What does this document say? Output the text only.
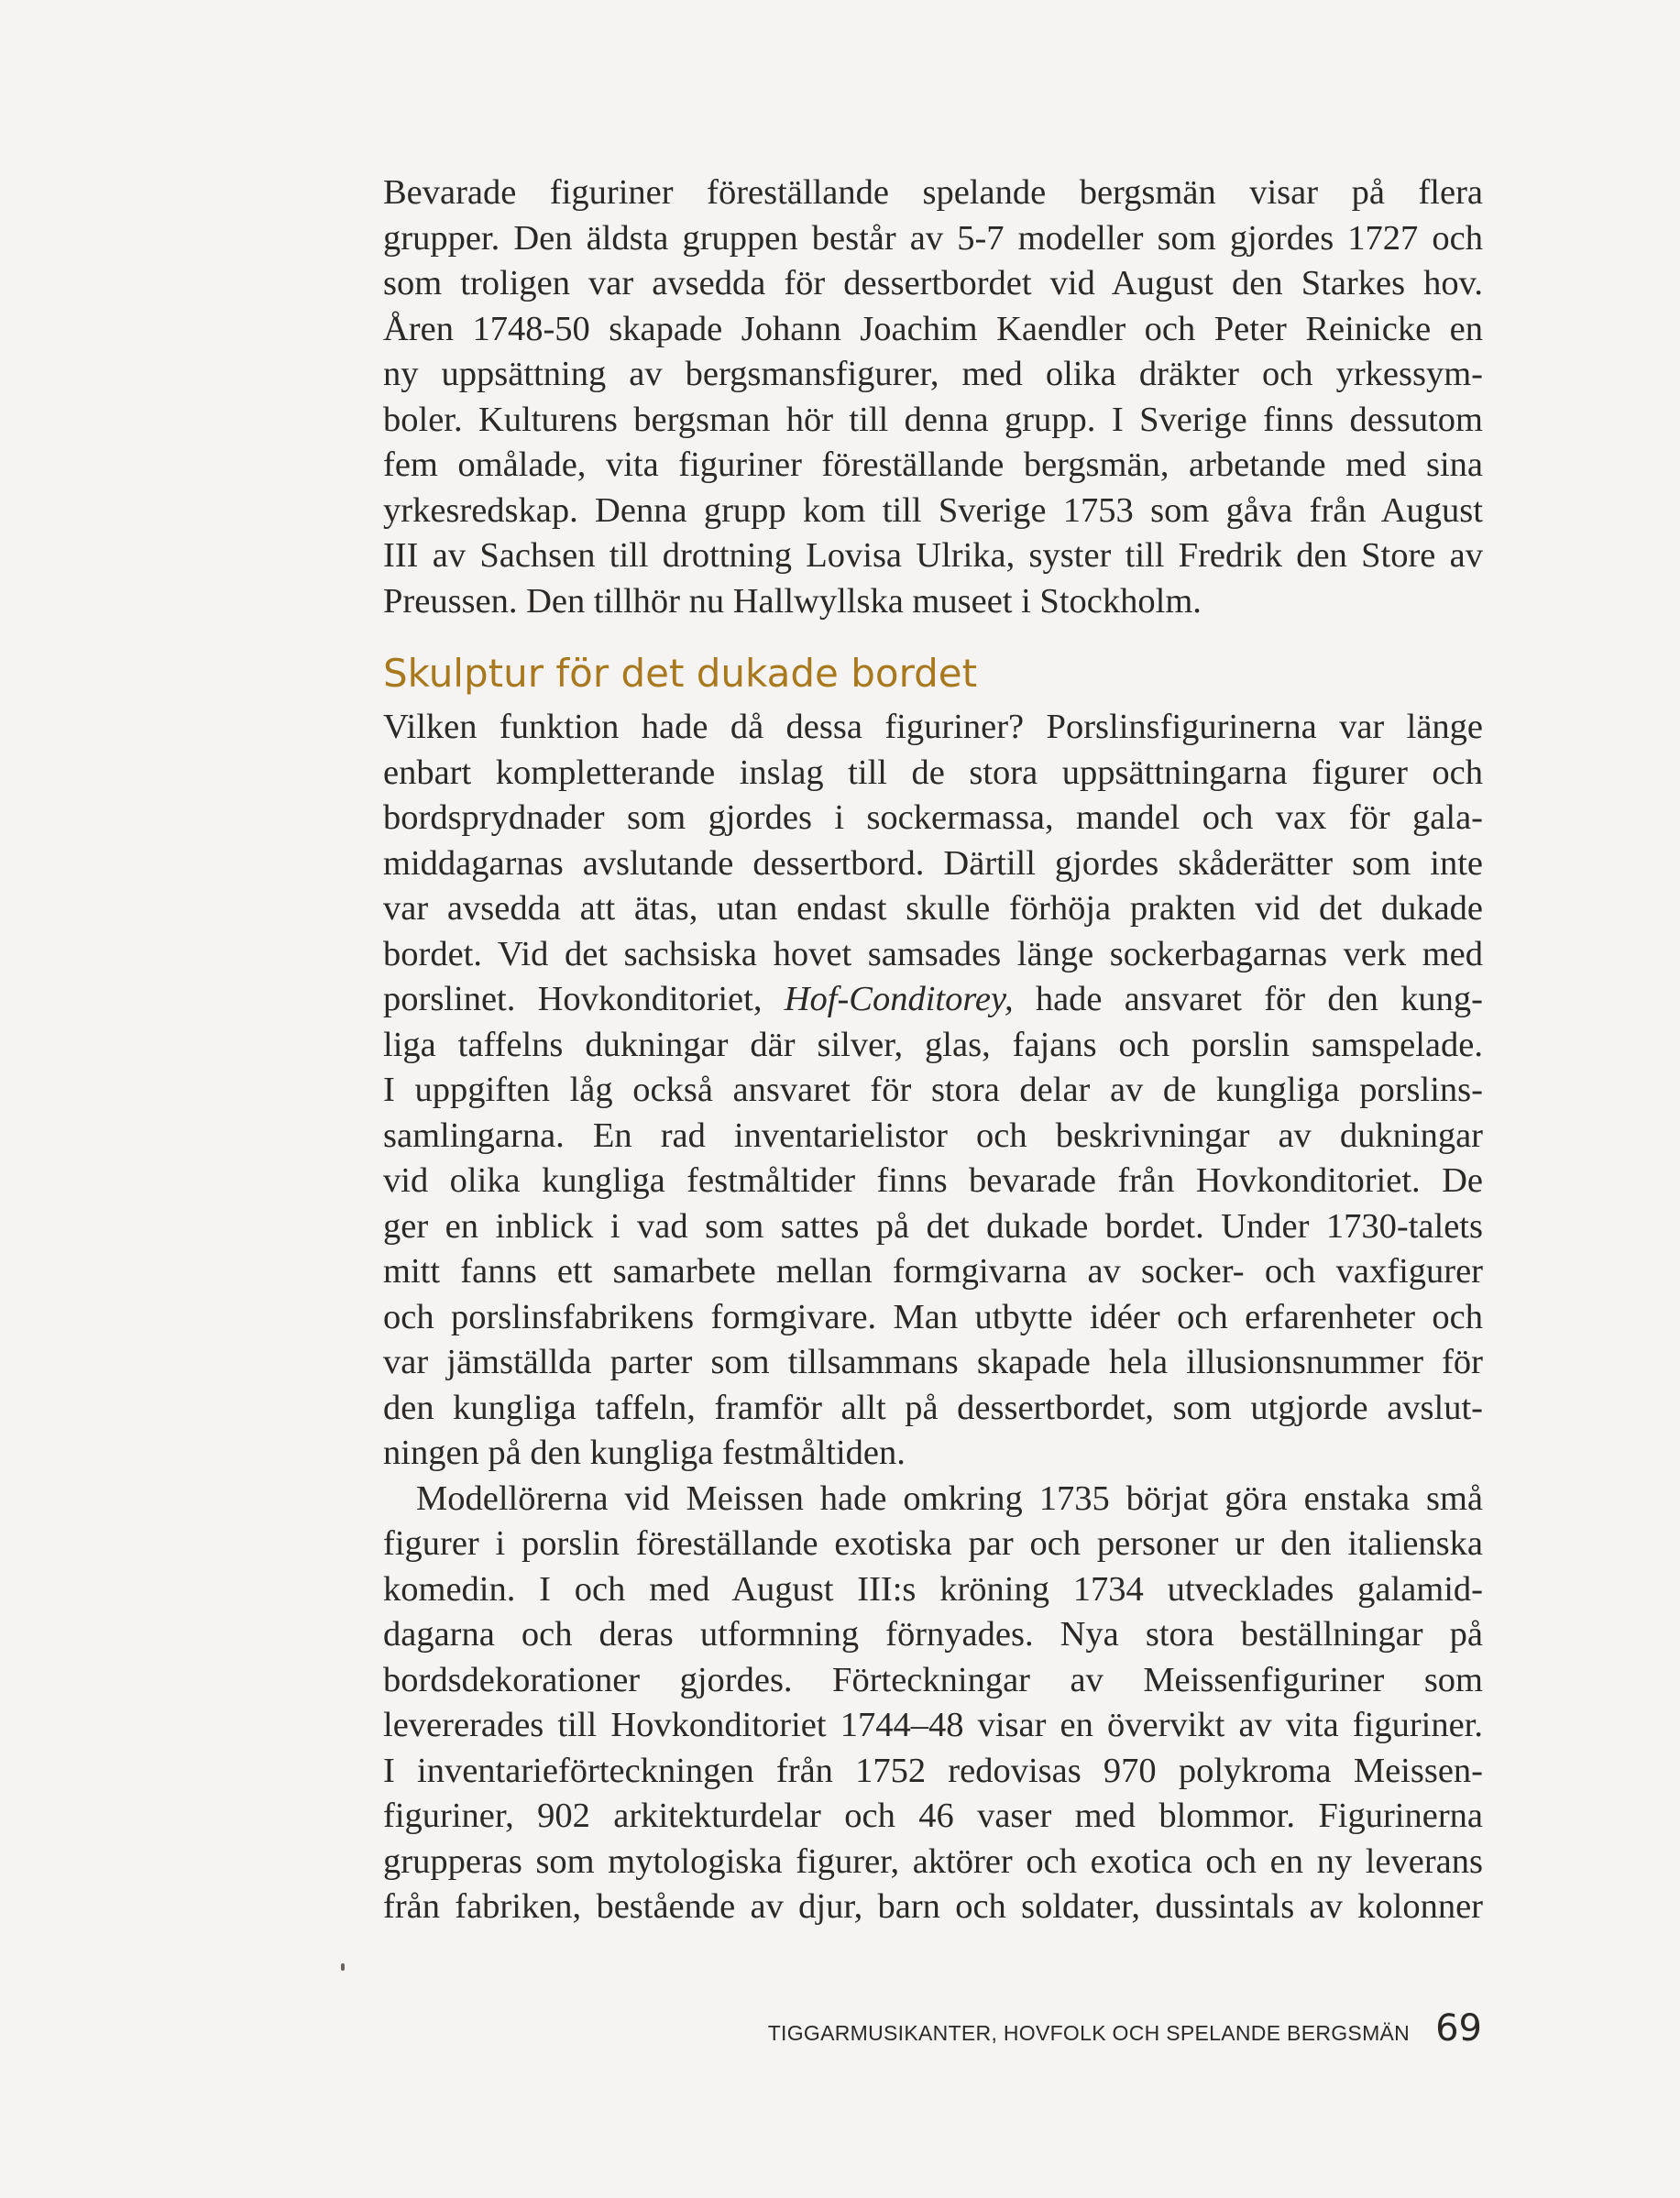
Bevarade figuriner föreställande spelande bergsmän visar på flera
grupper. Den äldsta gruppen består av 5-7 modeller som gjordes 1727 och
som troligen var avsedda för dessertbordet vid August den Starkes hov.
Åren 1748-50 skapade Johann Joachim Kaendler och Peter Reinicke en
ny uppsättning av bergsmansfigurer, med olika dräkter och yrkessym-
boler. Kulturens bergsman hör till denna grupp. I Sverige finns dessutom
fem omålade, vita figuriner föreställande bergsmän, arbetande med sina
yrkesredskap. Denna grupp kom till Sverige 1753 som gåva från August
III av Sachsen till drottning Lovisa Ulrika, syster till Fredrik den Store av
Preussen. Den tillhör nu Hallwyllska museet i Stockholm.
Skulptur för det dukade bordet
Vilken funktion hade då dessa figuriner? Porslinsfigurinerna var länge
enbart kompletterande inslag till de stora uppsättningarna figurer och
bordsprydnader som gjordes i sockermassa, mandel och vax för gala-
middagarnas avslutande dessertbord. Därtill gjordes skåderätter som inte
var avsedda att ätas, utan endast skulle förhöja prakten vid det dukade
bordet. Vid det sachsiska hovet samsades länge sockerbagarnas verk med
porslinet. Hovkonditoriet, Hof-Conditorey, hade ansvaret för den kung-
liga taffelns dukningar där silver, glas, fajans och porslin samspelade.
I uppgiften låg också ansvaret för stora delar av de kungliga porslins-
samlingarna. En rad inventarielistor och beskrivningar av dukningar
vid olika kungliga festmåltider finns bevarade från Hovkonditoriet. De
ger en inblick i vad som sattes på det dukade bordet. Under 1730-talets
mitt fanns ett samarbete mellan formgivarna av socker- och vaxfigurer
och porslinsfabrikens formgivare. Man utbytte idéer och erfarenheter och
var jämställda parter som tillsammans skapade hela illusionsnummer för
den kungliga taffeln, framför allt på dessertbordet, som utgjorde avslut-
ningen på den kungliga festmåltiden.
Modellörerna vid Meissen hade omkring 1735 börjat göra enstaka små
figurer i porslin föreställande exotiska par och personer ur den italienska
komedin. I och med August III:s kröning 1734 utvecklades galamid-
dagarna och deras utformning förnyades. Nya stora beställningar på
bordsdekorationer gjordes. Förteckningar av Meissenfiguriner som
levererades till Hovkonditoriet 1744–48 visar en övervikt av vita figuriner.
I inventarieförteckningen från 1752 redovisas 970 polykroma Meissen-
figuriner, 902 arkitekturdelar och 46 vaser med blommor. Figurinerna
grupperas som mytologiska figurer, aktörer och exotica och en ny leverans
från fabriken, bestående av djur, barn och soldater, dussintals av kolonner
TIGGARMUSIKANTER, HOVFOLK OCH SPELANDE BERGSMÄN 69
